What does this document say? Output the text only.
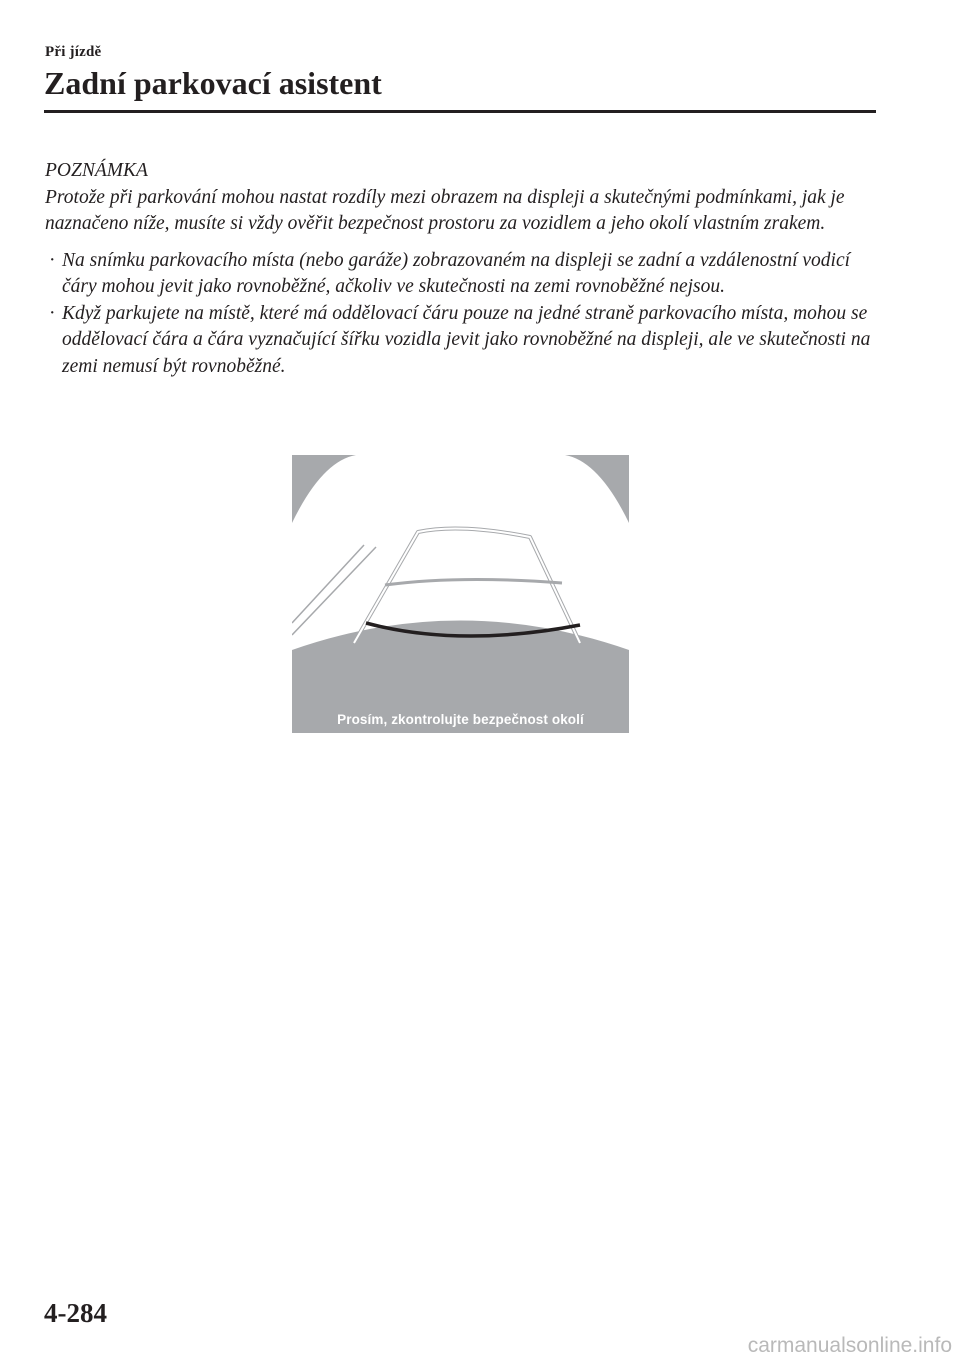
Při jízdě
Zadní parkovací asistent
POZNÁMKA
Protože při parkování mohou nastat rozdíly mezi obrazem na displeji a skutečnými podmínkami, jak je naznačeno níže, musíte si vždy ověřit bezpečnost prostoru za vozidlem a jeho okolí vlastním zrakem.
· Na snímku parkovacího místa (nebo garáže) zobrazovaném na displeji se zadní a vzdálenostní vodicí čáry mohou jevit jako rovnoběžné, ačkoliv ve skutečnosti na zemi rovnoběžné nejsou.
· Když parkujete na místě, které má oddělovací čáru pouze na jedné straně parkovacího místa, mohou se oddělovací čára a čára vyznačující šířku vozidla jevit jako rovnoběžné na displeji, ale ve skutečnosti na zemi nemusí být rovnoběžné.
Prosím, zkontrolujte bezpečnost okolí
4-284
carmanualsonline.info
